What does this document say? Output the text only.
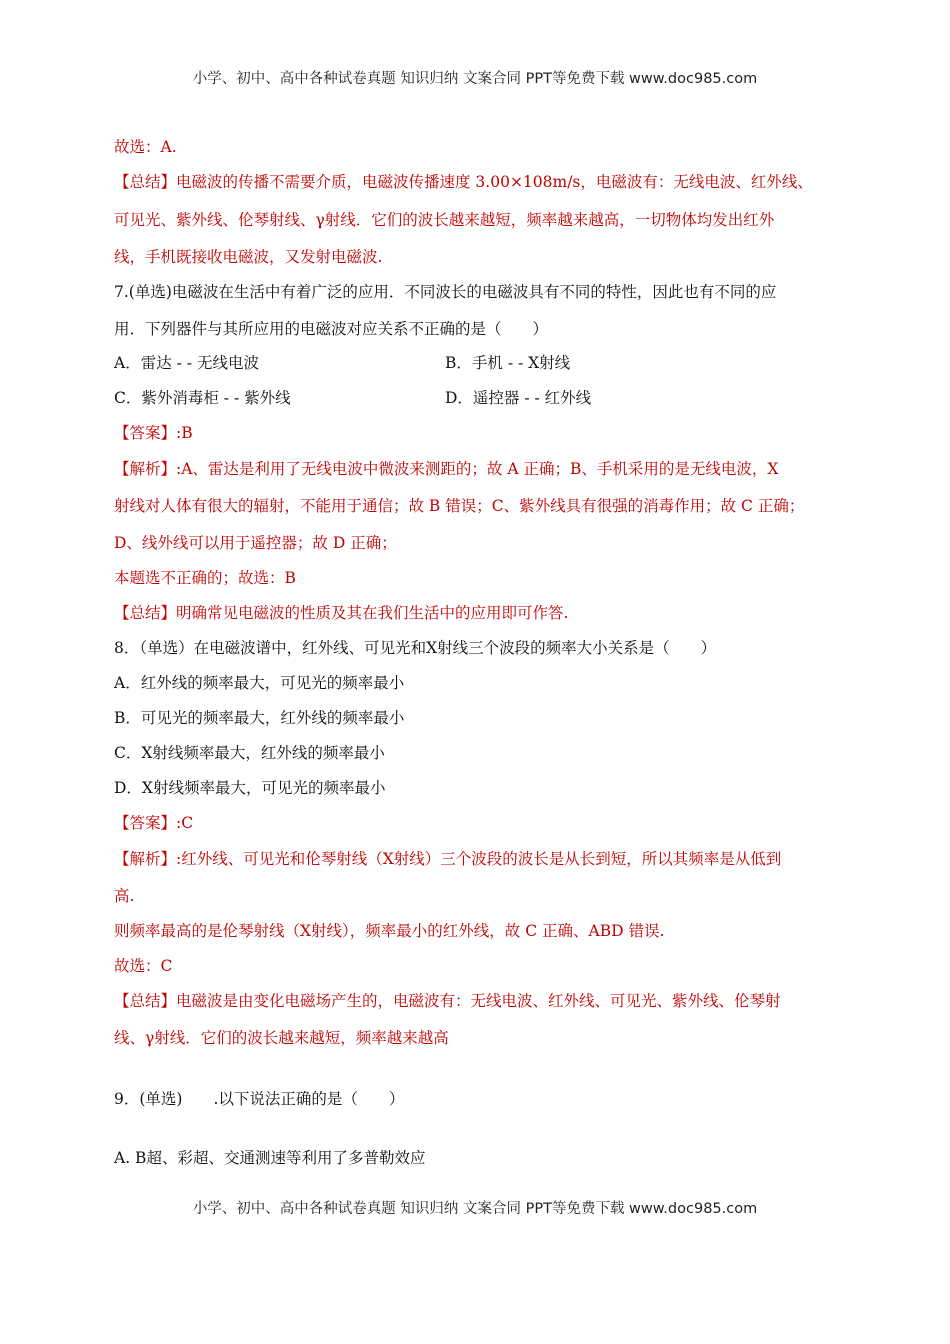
小学、初中、高中各种试卷真题 知识归纳 文案合同 PPT等免费下载 www.doc985.com
故选：A.
【总结】电磁波的传播不需要介质，电磁波传播速度 3.00×108m/s，电磁波有：无线电波、红外线、
可见光、紫外线、伦琴射线、γ射线．它们的波长越来越短，频率越来越高，一切物体均发出红外
线，手机既接收电磁波，又发射电磁波.
7.(单选)电磁波在生活中有着广泛的应用．不同波长的电磁波具有不同的特性，因此也有不同的应
用．下列器件与其所应用的电磁波对应关系不正确的是（　　）
A．雷达 - - 无线电波	B．手机 - - X射线
C．紫外消毒柜 - - 紫外线	D．遥控器 - - 红外线
【答案】:B
【解析】:A、雷达是利用了无线电波中微波来测距的；故 A 正确；B、手机采用的是无线电波，X
射线对人体有很大的辐射，不能用于通信；故 B 错误；C、紫外线具有很强的消毒作用；故 C 正确；
D、线外线可以用于遥控器；故 D 正确；
本题选不正确的；故选：B
【总结】明确常见电磁波的性质及其在我们生活中的应用即可作答.
8．（单选）在电磁波谱中，红外线、可见光和X射线三个波段的频率大小关系是（　　）
A．红外线的频率最大，可见光的频率最小
B．可见光的频率最大，红外线的频率最小
C．X射线频率最大，红外线的频率最小
D．X射线频率最大，可见光的频率最小
【答案】:C
【解析】:红外线、可见光和伦琴射线（X射线）三个波段的波长是从长到短，所以其频率是从低到
高.
则频率最高的是伦琴射线（X射线），频率最小的红外线，故 C 正确、ABD 错误.
故选：C
【总结】电磁波是由变化电磁场产生的，电磁波有：无线电波、红外线、可见光、紫外线、伦琴射
线、γ射线．它们的波长越来越短，频率越来越高
9．(单选)　　.以下说法正确的是（　　）
A. B超、彩超、交通测速等利用了多普勒效应
小学、初中、高中各种试卷真题 知识归纳 文案合同 PPT等免费下载 www.doc985.com
